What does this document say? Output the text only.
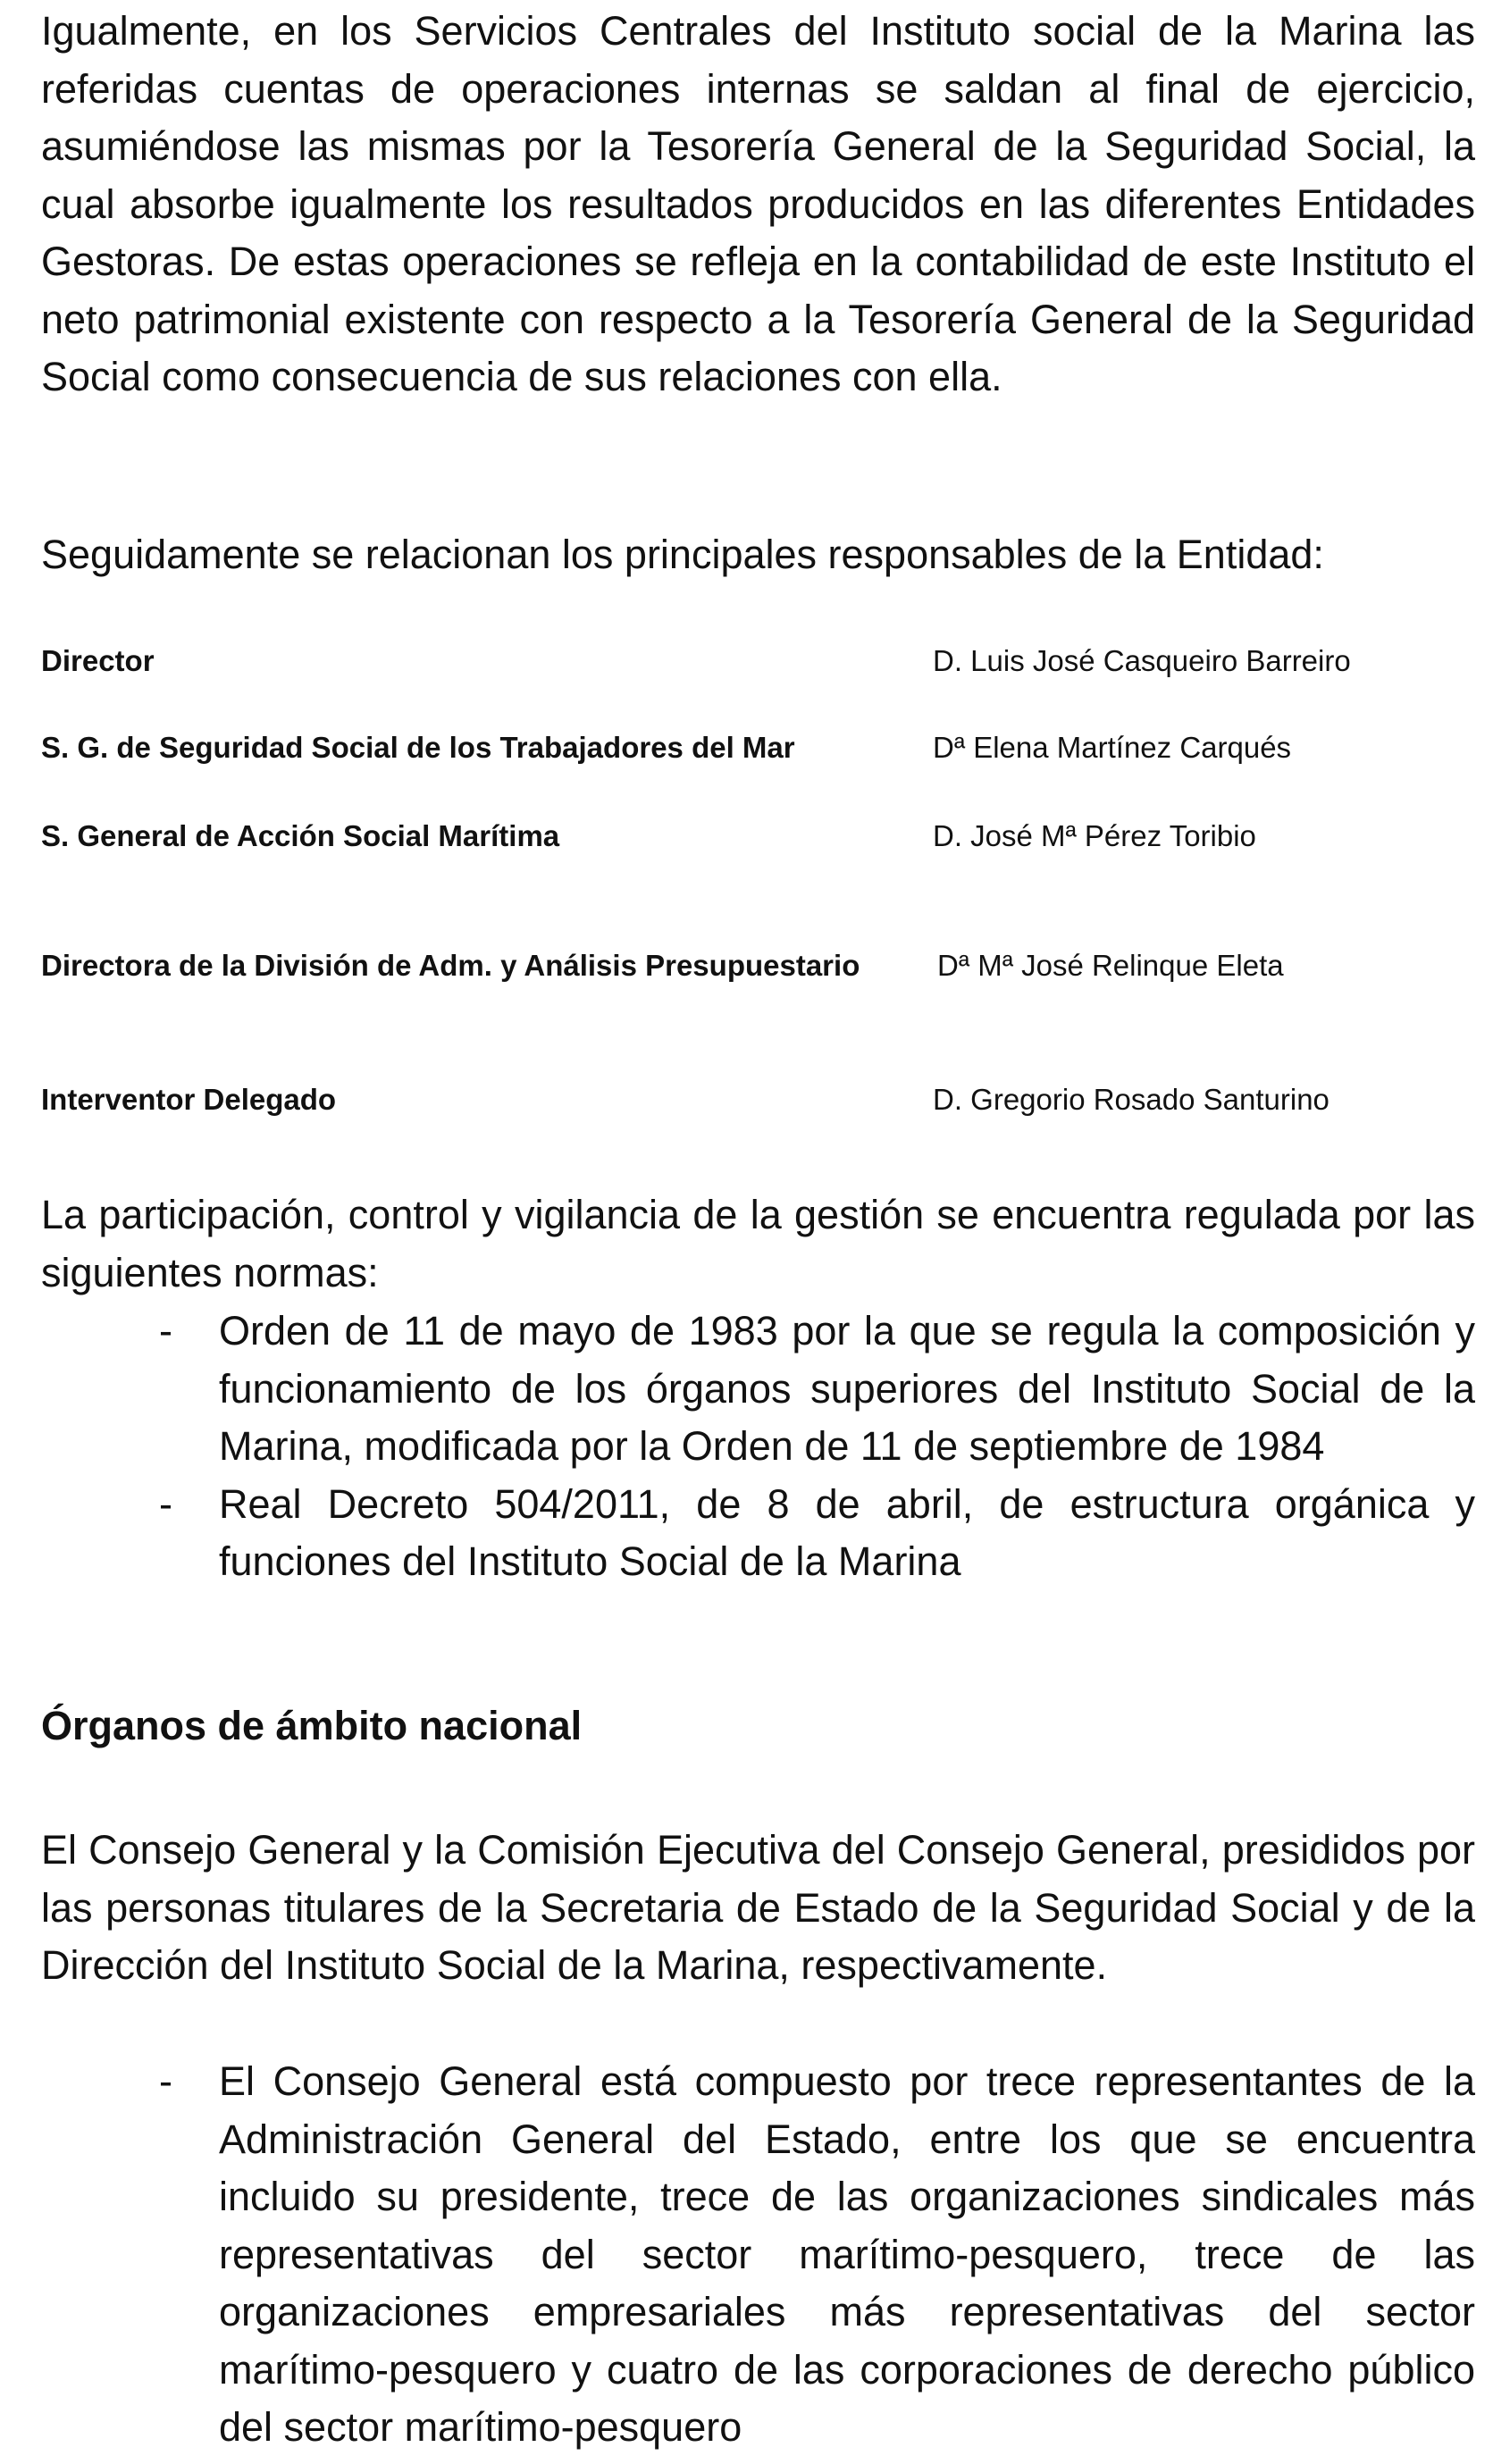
Igualmente, en los Servicios Centrales del Instituto social de la Marina las referidas cuentas de operaciones internas se saldan al final de ejercicio, asumiéndose las mismas por la Tesorería General de la Seguridad Social, la cual absorbe igualmente los resultados producidos en las diferentes Entidades Gestoras. De estas operaciones se refleja en la contabilidad de este Instituto el neto patrimonial existente con respecto a la Tesorería General de la Seguridad Social como consecuencia de sus relaciones con ella.

Seguidamente se relacionan los principales responsables de la Entidad:

Director	D. Luis José Casqueiro Barreiro
S. G. de Seguridad Social de los Trabajadores del Mar	Dª Elena Martínez Carqués
S. General de Acción Social Marítima	D. José Mª Pérez Toribio
Directora de la División de Adm. y Análisis Presupuestario	Dª Mª José Relinque Eleta
Interventor Delegado	D. Gregorio Rosado Santurino

La participación, control y vigilancia de la gestión se encuentra regulada por las siguientes normas:

- Orden de 11 de mayo de 1983 por la que se regula la composición y funcionamiento de los órganos superiores del Instituto Social de la Marina, modificada por la Orden de 11 de septiembre de 1984
- Real Decreto 504/2011, de 8 de abril, de estructura orgánica y funciones del Instituto Social de la Marina
Órganos de ámbito nacional

El Consejo General y la Comisión Ejecutiva del Consejo General, presididos por las personas titulares de la Secretaria de Estado de la Seguridad Social y de la Dirección del Instituto Social de la Marina, respectivamente.

- El Consejo General está compuesto por trece representantes de la Administración General del Estado, entre los que se encuentra incluido su presidente, trece de las organizaciones sindicales más representativas del sector marítimo-pesquero, trece de las organizaciones empresariales más representativas del sector marítimo-pesquero y cuatro de las corporaciones de derecho público del sector marítimo-pesquero
